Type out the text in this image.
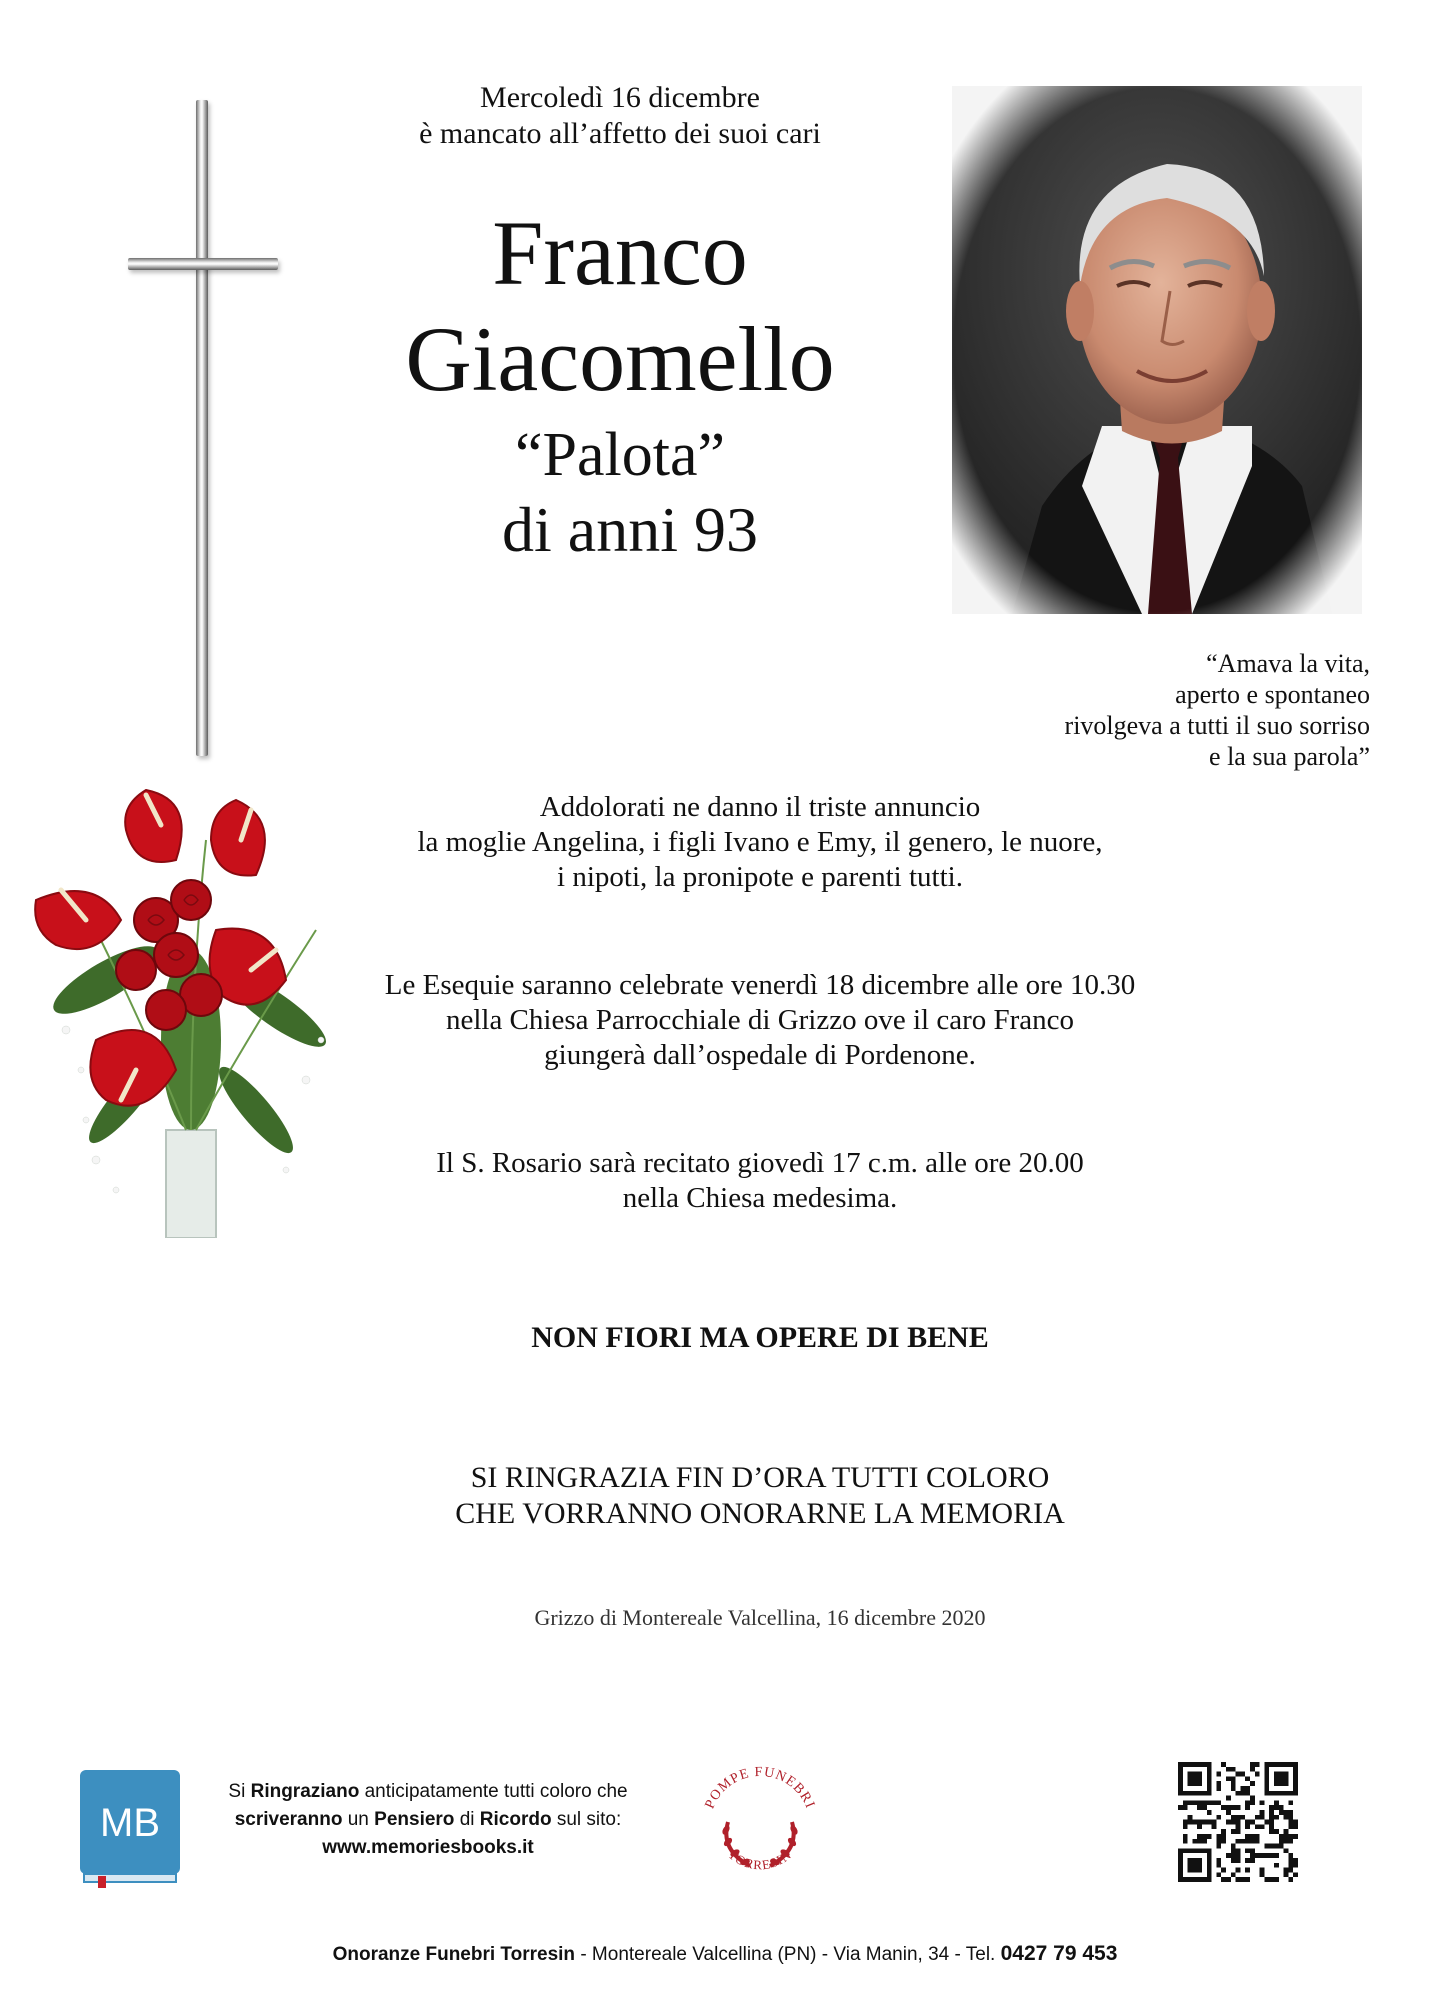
Mercoledì 16 dicembre
è mancato all’affetto dei suoi cari
Franco
Giacomello
“Palota”
di anni 93
“Amava la vita,
aperto e spontaneo
rivolgeva a tutti il suo sorriso
e la sua parola”
Addolorati ne danno il triste annuncio
la moglie Angelina, i figli Ivano e Emy, il genero, le nuore,
i nipoti, la pronipote e parenti tutti.
Le Esequie saranno celebrate venerdì 18 dicembre alle ore 10.30
nella Chiesa Parrocchiale di Grizzo ove il caro Franco
giungerà dall’ospedale di Pordenone.
Il S. Rosario sarà recitato giovedì 17 c.m. alle ore 20.00
nella Chiesa medesima.
NON FIORI MA OPERE DI BENE
SI RINGRAZIA FIN D’ORA TUTTI COLORO
CHE VORRANNO ONORARNE LA MEMORIA
Grizzo di Montereale Valcellina, 16 dicembre 2020
MB
Si Ringraziano anticipatamente tutti coloro che
scriveranno un Pensiero di Ricordo sul sito:
www.memoriesbooks.it
POMPE FUNEBRI
TORRESIN
Onoranze Funebri Torresin - Montereale Valcellina (PN) - Via Manin, 34 - Tel. 0427 79 453
